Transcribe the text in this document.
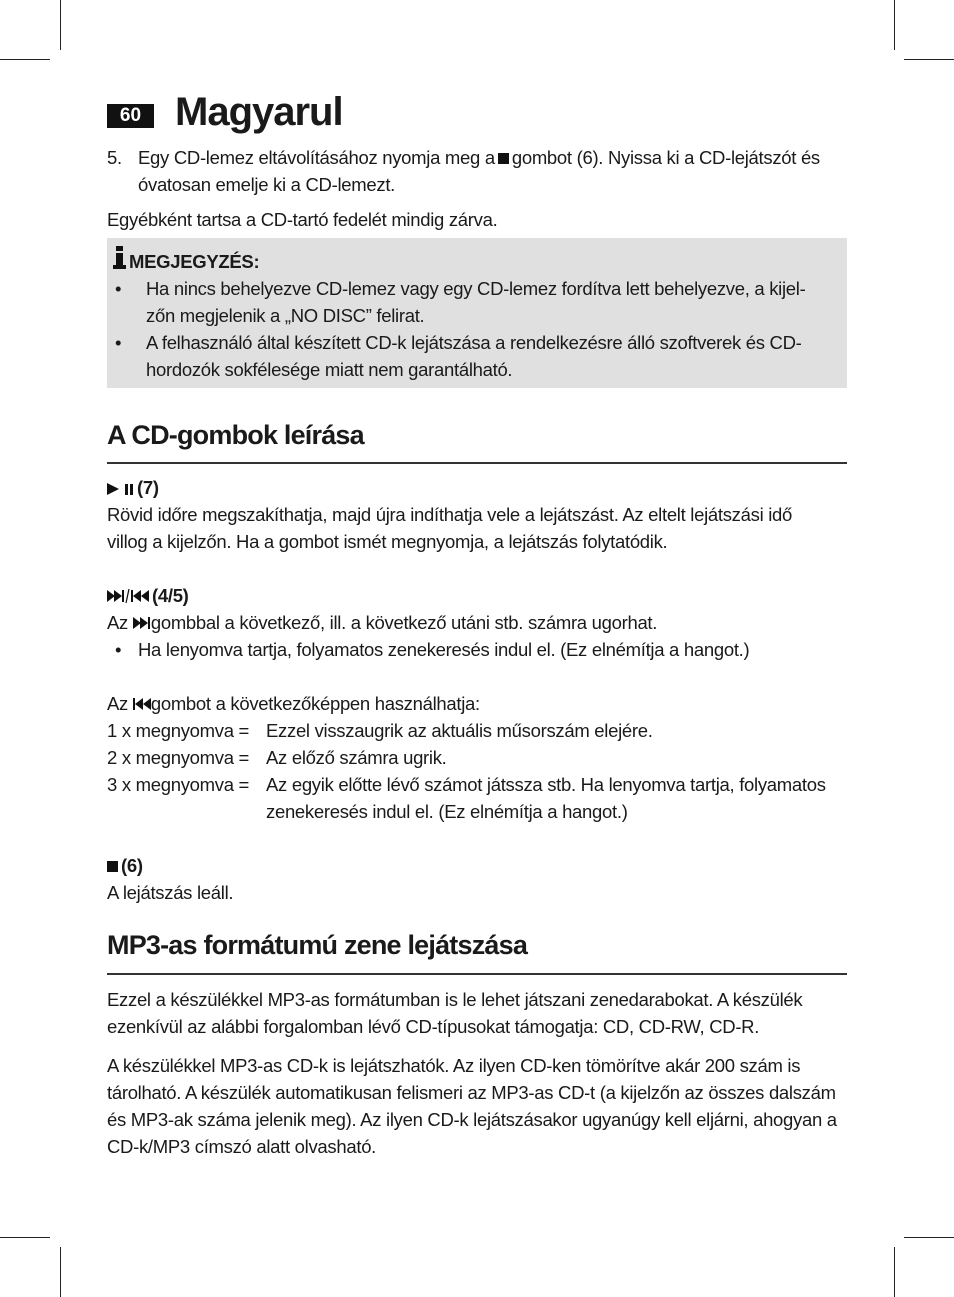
60 Magyarul
5. Egy CD-lemez eltávolításához nyomja meg a gombot (6). Nyissa ki a CD-lejátszót és
óvatosan emelje ki a CD-lemezt.
Egyébként tartsa a CD-tartó fedelét mindig zárva.
MEGJEGYZÉS:
• Ha nincs behelyezve CD-lemez vagy egy CD-lemez fordítva lett behelyezve, a kijel-
zőn megjelenik a „NO DISC” felirat.
• A felhasználó által készített CD-k lejátszása a rendelkezésre álló szoftverek és CD-
hordozók sokfélesége miatt nem garantálható.
A CD-gombok leírása
(7)
Rövid időre megszakíthatja, majd újra indíthatja vele a lejátszást. Az eltelt lejátszási idő
villog a kijelzőn. Ha a gombot ismét megnyomja, a lejátszás folytatódik.
(4/5)
Az gombbal a következő, ill. a következő utáni stb. számra ugorhat.
• Ha lenyomva tartja, folyamatos zenekeresés indul el. (Ez elnémítja a hangot.)
Az gombot a következőképpen használhatja:
1 x megnyomva = Ezzel visszaugrik az aktuális műsorszám elejére.
2 x megnyomva = Az előző számra ugrik.
3 x megnyomva = Az egyik előtte lévő számot játssza stb. Ha lenyomva tartja, folyamatos
zenekeresés indul el. (Ez elnémítja a hangot.)
(6)
A lejátszás leáll.
MP3-as formátumú zene lejátszása
Ezzel a készülékkel MP3-as formátumban is le lehet játszani zenedarabokat. A készülék
ezenkívül az alábbi forgalomban lévő CD-típusokat támogatja: CD, CD-RW, CD-R.
A készülékkel MP3-as CD-k is lejátszhatók. Az ilyen CD-ken tömörítve akár 200 szám is
tárolható. A készülék automatikusan felismeri az MP3-as CD-t (a kijelzőn az összes dalszám
és MP3-ak száma jelenik meg). Az ilyen CD-k lejátszásakor ugyanúgy kell eljárni, ahogyan a
CD-k/MP3 címszó alatt olvasható.
